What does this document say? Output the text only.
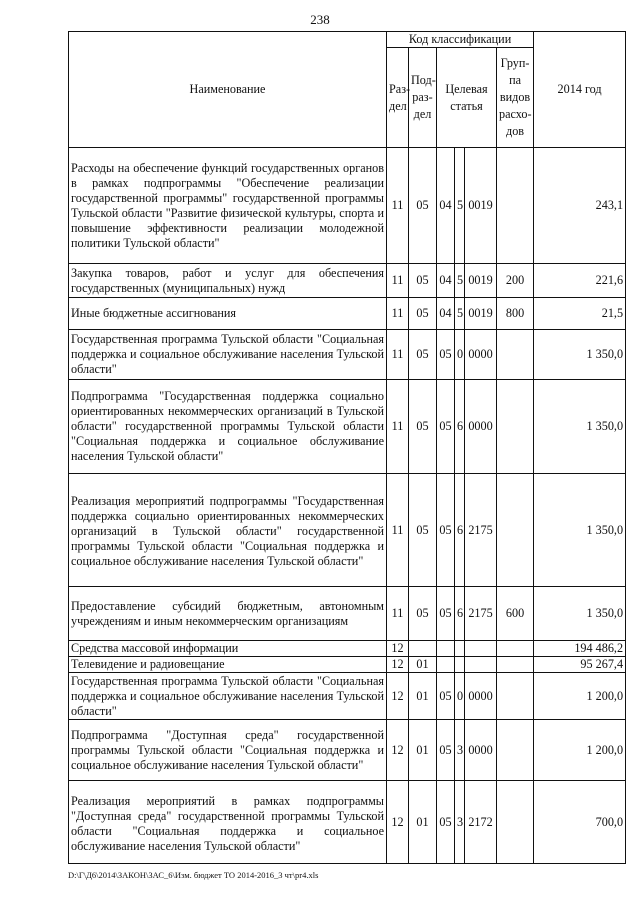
238
Наименование	Код классификации						2014 год
	Раз-дел	Под-раз-дел	Целевая статья			Груп-па видов расхо-дов	
Расходы на обеспечение функций государственных органов в рамках подпрограммы "Обеспечение реализации государственной программы" государственной программы Тульской области "Развитие физической культуры, спорта и повышение эффективности реализации молодежной политики Тульской области"	11	05	04	5	0019		243,1
Закупка товаров, работ и услуг для обеспечения государственных (муниципальных) нужд	11	05	04	5	0019	200	221,6
Иные бюджетные ассигнования	11	05	04	5	0019	800	21,5
Государственная программа Тульской области "Социальная поддержка и социальное обслуживание населения Тульской области"	11	05	05	0	0000		1 350,0
Подпрограмма "Государственная поддержка социально ориентированных некоммерческих организаций в Тульской области" государственной программы Тульской области "Социальная поддержка и социальное обслуживание населения Тульской области"	11	05	05	6	0000		1 350,0
Реализация мероприятий подпрограммы "Государственная поддержка социально ориентированных некоммерческих организаций в Тульской области" государственной программы Тульской области "Социальная поддержка и социальное обслуживание населения Тульской области"	11	05	05	6	2175		1 350,0
Предоставление субсидий бюджетным, автономным учреждениям и иным некоммерческим организациям	11	05	05	6	2175	600	1 350,0
Средства массовой информации	12						194 486,2
Телевидение и радиовещание	12	01					95 267,4
Государственная программа Тульской области "Социальная поддержка и социальное обслуживание населения Тульской области"	12	01	05	0	0000		1 200,0
Подпрограмма "Доступная среда" государственной программы Тульской области "Социальная поддержка и социальное обслуживание населения Тульской области"	12	01	05	3	0000		1 200,0
Реализация мероприятий в рамках подпрограммы "Доступная среда" государственной программы Тульской области "Социальная поддержка и социальное обслуживание населения Тульской области"	12	01	05	3	2172		700,0
D:\Г\Д6\2014\ЗАКОН\ЗАС_6\Изм. бюджет ТО 2014-2016_3 чт\pr4.xls
